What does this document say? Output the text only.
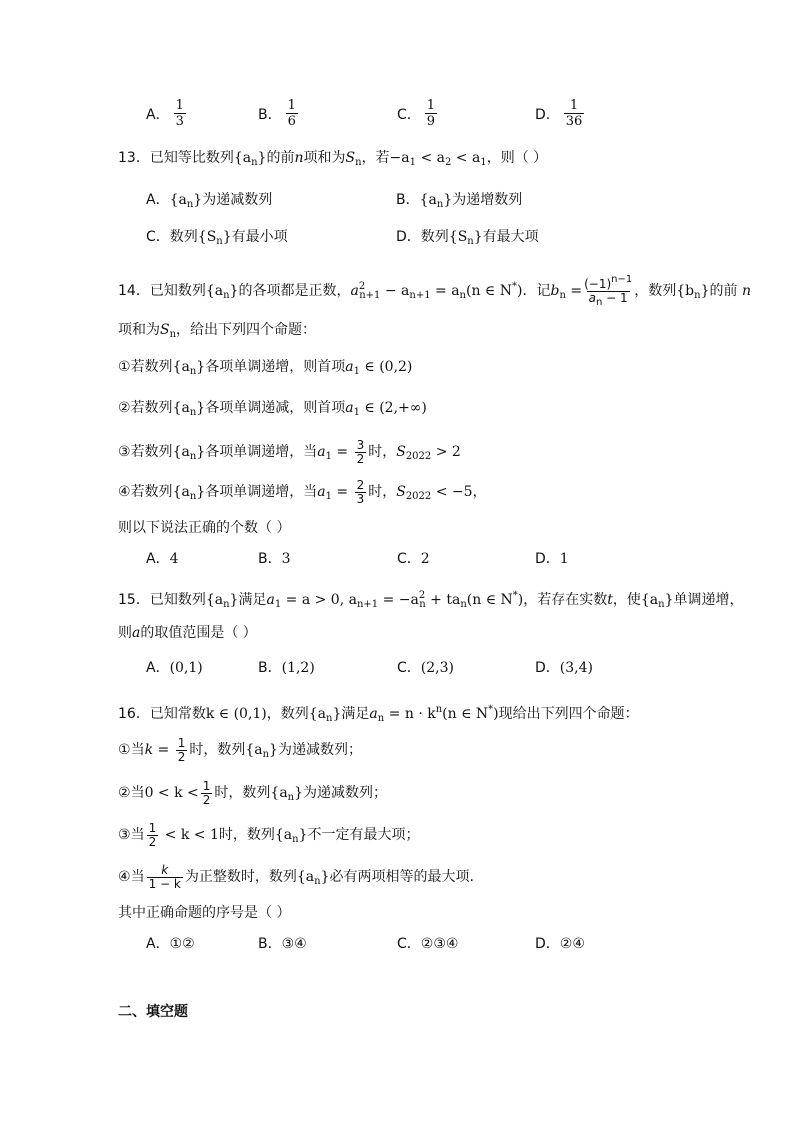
A． $\frac{1}{3}$	B． $\frac{1}{6}$	C． $\frac{1}{9}$	D． $\frac{1}{36}$
13．已知等比数列$\{a_n\}$的前n项和为$S_n$，若$-a_1 < a_2 < a_1$，则（ ）
A．$\{a_n\}$为递减数列	B．$\{a_n\}$为递增数列
C．数列$\{S_n\}$有最小项	D．数列$\{S_n\}$有最大项
14．已知数列$\{a_n\}$的各项都是正数，$a^2_{n+1} - a_{n+1} = a_n(n$ ∈ N*)．记$b_n = \frac{(-1)^{n-1}}{a_n - 1}$ ，数列$\{b_n\}$的前 n
项和为$S_n$，给出下列四个命题：
①若数列$\{a_n\}$各项单调递增，则首项$a_1$ ∈ (0,2)
②若数列$\{a_n\}$各项单调递减，则首项$a_1$ ∈ (2,+∞)
③若数列$\{a_n\}$各项单调递增，当$a_1 = \frac{3}{2}$ 时，$S_{2022} > 2$
④若数列$\{a_n\}$各项单调递增，当$a_1 = \frac{2}{3}$ 时，$S_{2022} < -5$，
则以下说法正确的个数（ ）
A．4	B．3	C．2	D．1
15．已知数列$\{a_n\}$满足$a_1 = a > 0$, $a_{n+1} = -a^2_n + ta_n(n$ ∈ N*)，若存在实数t，使$\{a_n\}$单调递增，
则a的取值范围是（ ）
A．(0,1)	B．(1,2)	C．(2,3)	D．(3,4)
16．已知常数k ∈ (0,1)，数列$\{a_n\}$满足$a_n = n \cdot k^n(n$ ∈ N*)现给出下列四个命题：
①当$k = \frac{1}{2}$ 时，数列$\{a_n\}$为递减数列；
②当$0 < k < \frac{1}{2}$ 时，数列$\{a_n\}$为递减数列；
③当 $\frac{1}{2} < k < 1$时，数列$\{a_n\}$不一定有最大项；
④当 $\frac{k}{1 - k}$ 为正整数时，数列$\{a_n\}$必有两项相等的最大项.
其中正确命题的序号是（ ）
A．①②	B．③④	C．②③④	D．②④
二、填空题
